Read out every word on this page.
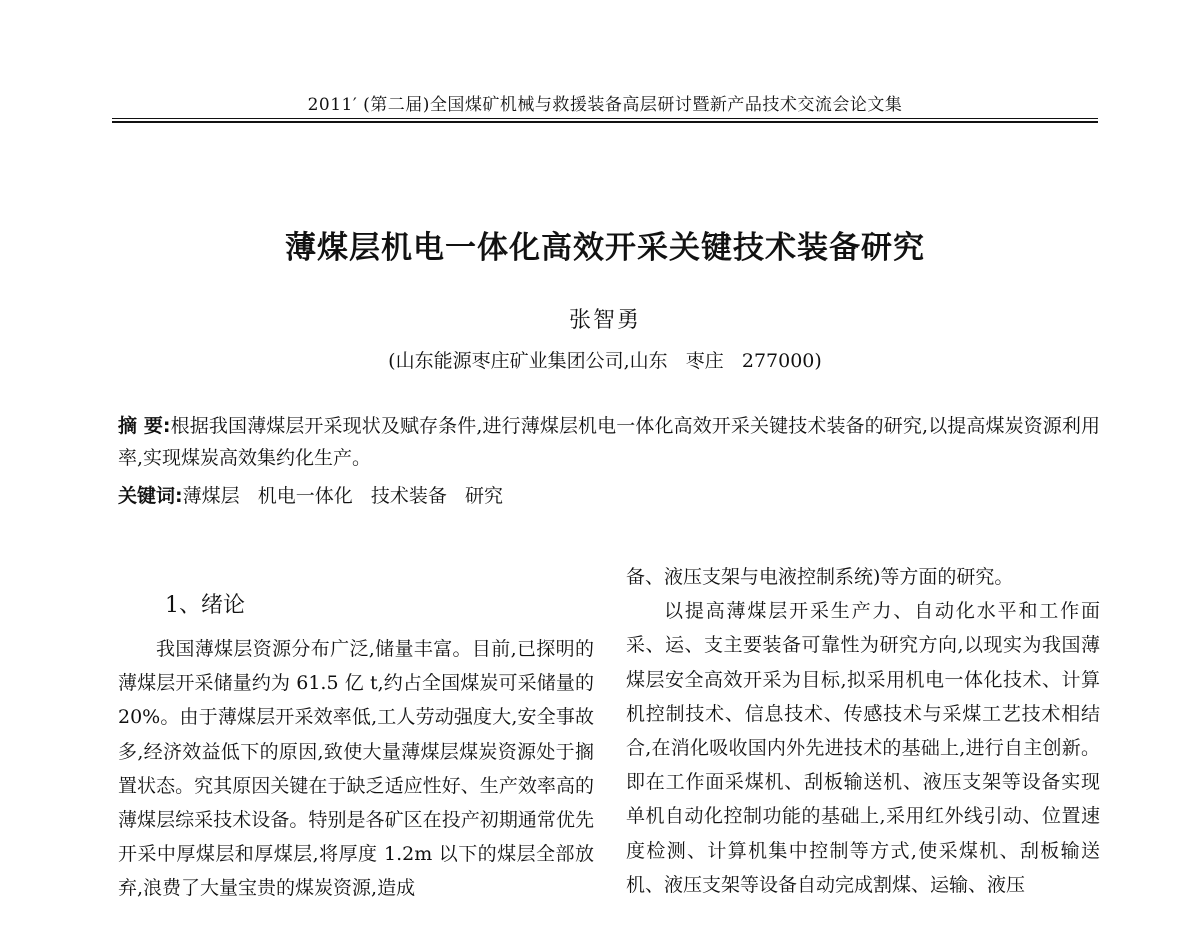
2011′ (第二届)全国煤矿机械与救援装备高层研讨暨新产品技术交流会论文集
薄煤层机电一体化高效开采关键技术装备研究
张智勇
(山东能源枣庄矿业集团公司,山东   枣庄   277000)
摘 要:根据我国薄煤层开采现状及赋存条件,进行薄煤层机电一体化高效开采关键技术装备的研究,以提高煤炭资源利用率,实现煤炭高效集约化生产。
关键词:薄煤层   机电一体化   技术装备   研究
1、绪论

我国薄煤层资源分布广泛,储量丰富。目前,已探明的薄煤层开采储量约为 61.5 亿 t,约占全国煤炭可采储量的 20%。由于薄煤层开采效率低,工人劳动强度大,安全事故多,经济效益低下的原因,致使大量薄煤层煤炭资源处于搁置状态。究其原因关键在于缺乏适应性好、生产效率高的薄煤层综采技术设备。特别是各矿区在投产初期通常优先开采中厚煤层和厚煤层,将厚度 1.2m 以下的煤层全部放弃,浪费了大量宝贵的煤炭资源,造成

备、液压支架与电液控制系统)等方面的研究。

以提高薄煤层开采生产力、自动化水平和工作面采、运、支主要装备可靠性为研究方向,以现实为我国薄煤层安全高效开采为目标,拟采用机电一体化技术、计算机控制技术、信息技术、传感技术与采煤工艺技术相结合,在消化吸收国内外先进技术的基础上,进行自主创新。即在工作面采煤机、刮板输送机、液压支架等设备实现单机自动化控制功能的基础上,采用红外线引动、位置速度检测、计算机集中控制等方式,使采煤机、刮板输送机、液压支架等设备自动完成割煤、运输、液压
